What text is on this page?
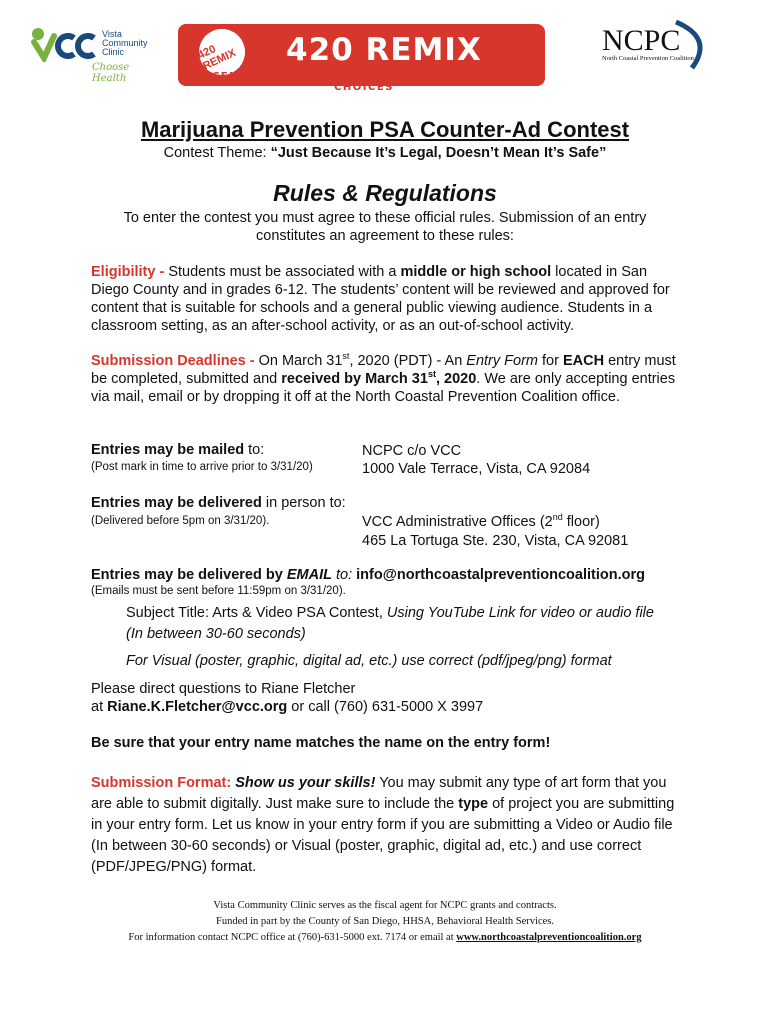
Vista
Community
Clinic
Choose Health
420 REMIX	420 REMIX
A CELEBRATION OF SOBER AND DRUG FREE LIFE CHOICES
NCPC
North Coastal Prevention Coalition
Marijuana Prevention PSA Counter-Ad Contest
Contest Theme: “Just Because It’s Legal, Doesn’t Mean It’s Safe”
Rules & Regulations
To enter the contest you must agree to these official rules. Submission of an entry constitutes an agreement to these rules:
Eligibility - Students must be associated with a middle or high school located in San Diego County and in grades 6-12. The students’ content will be reviewed and approved for content that is suitable for schools and a general public viewing audience. Students in a classroom setting, as an after-school activity, or as an out-of-school activity.
Submission Deadlines - On March 31st, 2020 (PDT) - An Entry Form for EACH entry must be completed, submitted and received by March 31st, 2020. We are only accepting entries via mail, email or by dropping it off at the North Coastal Prevention Coalition office.
Entries may be mailed to:
(Post mark in time to arrive prior to 3/31/20)
NCPC c/o VCC
1000 Vale Terrace, Vista, CA 92084
Entries may be delivered in person to:
(Delivered before 5pm on 3/31/20).	VCC Administrative Offices (2nd floor)
465 La Tortuga Ste. 230, Vista, CA 92081
Entries may be delivered by EMAIL to: info@northcoastalpreventioncoalition.org
(Emails must be sent before 11:59pm on 3/31/20).
Subject Title: Arts & Video PSA Contest, Using YouTube Link for video or audio file (In between 30-60 seconds)
For Visual (poster, graphic, digital ad, etc.) use correct (pdf/jpeg/png) format
Please direct questions to Riane Fletcher
at Riane.K.Fletcher@vcc.org or call (760) 631-5000 X 3997
Be sure that your entry name matches the name on the entry form!
Submission Format: Show us your skills! You may submit any type of art form that you are able to submit digitally. Just make sure to include the type of project you are submitting in your entry form. Let us know in your entry form if you are submitting a Video or Audio file (In between 30-60 seconds) or Visual (poster, graphic, digital ad, etc.) and use correct (PDF/JPEG/PNG) format.
Vista Community Clinic serves as the fiscal agent for NCPC grants and contracts.
Funded in part by the County of San Diego, HHSA, Behavioral Health Services.
For information contact NCPC office at (760)-631-5000 ext. 7174 or email at www.northcoastalpreventioncoalition.org
